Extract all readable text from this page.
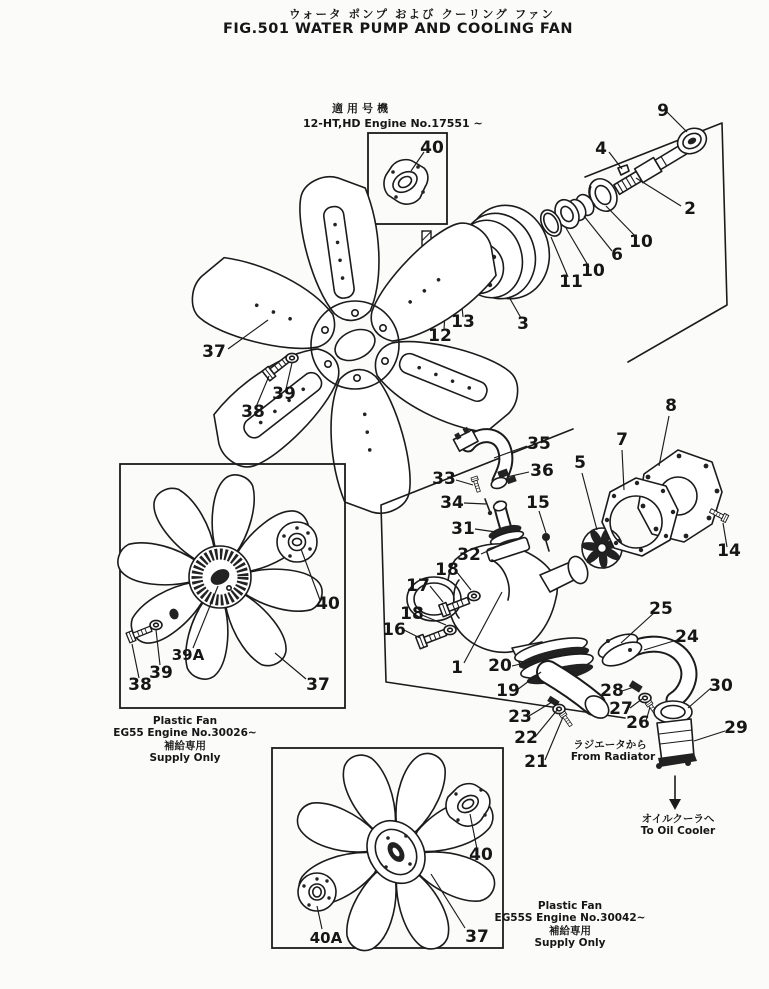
ウォータ ポンプ および クーリング ファン
FIG.501 WATER PUMP AND COOLING FAN
適用号機
12-HT,HD Engine No.17551 ~
40
9
4
2
10
6
10
11
3
13
12
37
38
39
35
36
33
34
31
32
15
5
7
8
14
17
18
18
16
1
25
24
20
19	28
27
26
23
22
21
30
29
ラジエータから
From Radiator
オイルクーラへ
To Oil Cooler
40
39A
39
38	37
Plastic Fan
EG55 Engine No.30026~
補給専用
Supply Only
40
37
40A
Plastic Fan
EG55S Engine No.30042~
補給専用
Supply Only
